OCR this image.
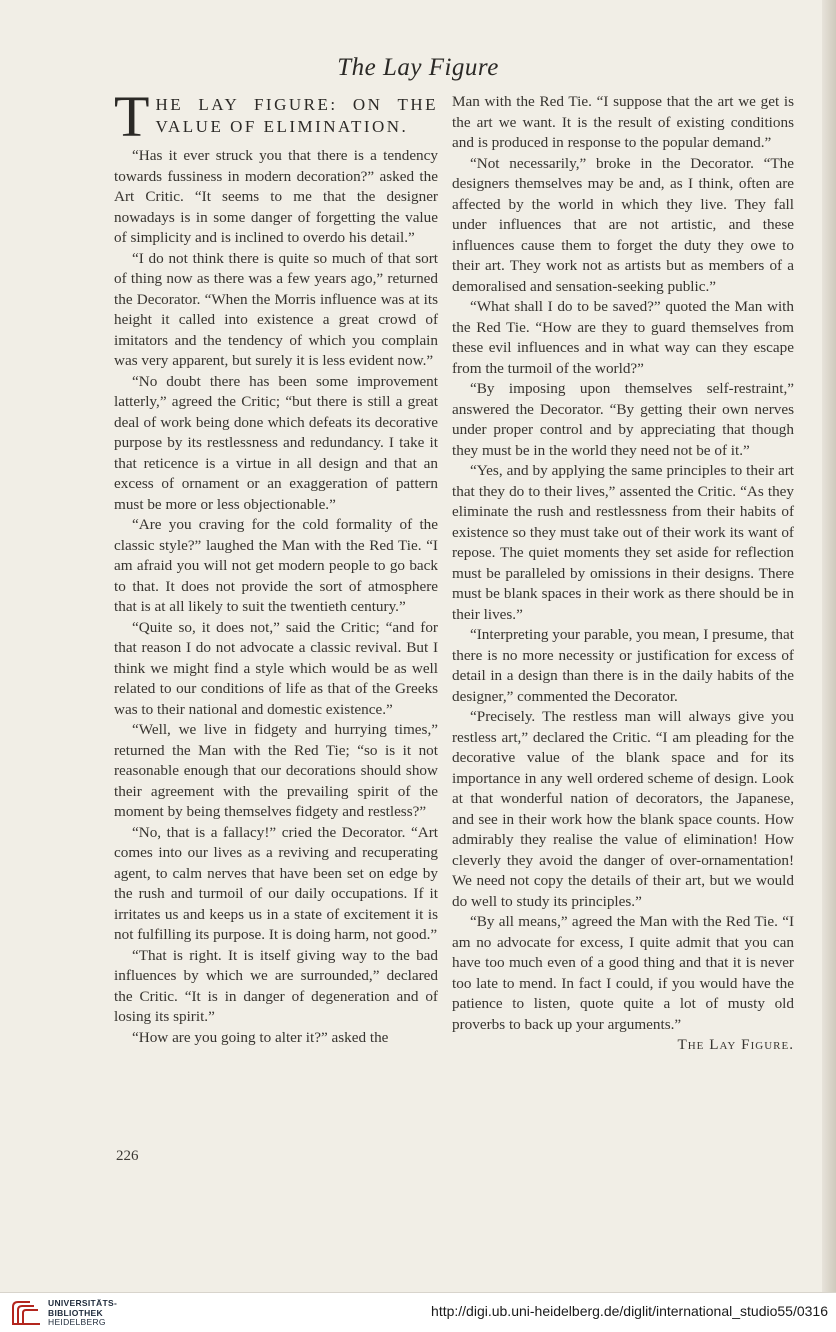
The Lay Figure
T HE LAY FIGURE: ON THE VALUE OF ELIMINATION.

“Has it ever struck you that there is a tendency towards fussiness in modern decoration?” asked the Art Critic. “It seems to me that the designer nowadays is in some danger of forgetting the value of simplicity and is inclined to overdo his detail.”

“I do not think there is quite so much of that sort of thing now as there was a few years ago,” returned the Decorator. “When the Morris influence was at its height it called into existence a great crowd of imitators and the tendency of which you complain was very apparent, but surely it is less evident now.”

“No doubt there has been some improvement latterly,” agreed the Critic; “but there is still a great deal of work being done which defeats its decorative purpose by its restlessness and redundancy. I take it that reticence is a virtue in all design and that an excess of ornament or an exaggeration of pattern must be more or less objectionable.”

“Are you craving for the cold formality of the classic style?” laughed the Man with the Red Tie. “I am afraid you will not get modern people to go back to that. It does not provide the sort of atmosphere that is at all likely to suit the twentieth century.”

“Quite so, it does not,” said the Critic; “and for that reason I do not advocate a classic revival. But I think we might find a style which would be as well related to our conditions of life as that of the Greeks was to their national and domestic existence.”

“Well, we live in fidgety and hurrying times,” returned the Man with the Red Tie; “so is it not reasonable enough that our decorations should show their agreement with the prevailing spirit of the moment by being themselves fidgety and restless?”

“No, that is a fallacy!” cried the Decorator. “Art comes into our lives as a reviving and recuperating agent, to calm nerves that have been set on edge by the rush and turmoil of our daily occupations. If it irritates us and keeps us in a state of excitement it is not fulfilling its purpose. It is doing harm, not good.”

“That is right. It is itself giving way to the bad influences by which we are surrounded,” declared the Critic. “It is in danger of degeneration and of losing its spirit.”

“How are you going to alter it?” asked the

Man with the Red Tie. “I suppose that the art we get is the art we want. It is the result of existing conditions and is produced in response to the popular demand.”

“Not necessarily,” broke in the Decorator. “The designers themselves may be and, as I think, often are affected by the world in which they live. They fall under influences that are not artistic, and these influences cause them to forget the duty they owe to their art. They work not as artists but as members of a demoralised and sensation-seeking public.”

“What shall I do to be saved?” quoted the Man with the Red Tie. “How are they to guard themselves from these evil influences and in what way can they escape from the turmoil of the world?”

“By imposing upon themselves self-restraint,” answered the Decorator. “By getting their own nerves under proper control and by appreciating that though they must be in the world they need not be of it.”

“Yes, and by applying the same principles to their art that they do to their lives,” assented the Critic. “As they eliminate the rush and restlessness from their habits of existence so they must take out of their work its want of repose. The quiet moments they set aside for reflection must be paralleled by omissions in their designs. There must be blank spaces in their work as there should be in their lives.”

“Interpreting your parable, you mean, I presume, that there is no more necessity or justification for excess of detail in a design than there is in the daily habits of the designer,” commented the Decorator.

“Precisely. The restless man will always give you restless art,” declared the Critic. “I am pleading for the decorative value of the blank space and for its importance in any well ordered scheme of design. Look at that wonderful nation of decorators, the Japanese, and see in their work how the blank space counts. How admirably they realise the value of elimination! How cleverly they avoid the danger of over-ornamentation! We need not copy the details of their art, but we would do well to study its principles.”

“By all means,” agreed the Man with the Red Tie. “I am no advocate for excess, I quite admit that you can have too much even of a good thing and that it is never too late to mend. In fact I could, if you would have the patience to listen, quote quite a lot of musty old proverbs to back up your arguments.”

The Lay Figure.
226
UNIVERSITÄTS-
BIBLIOTHEK
HEIDELBERG
http://digi.ub.uni-heidelberg.de/diglit/international_studio55/0316
